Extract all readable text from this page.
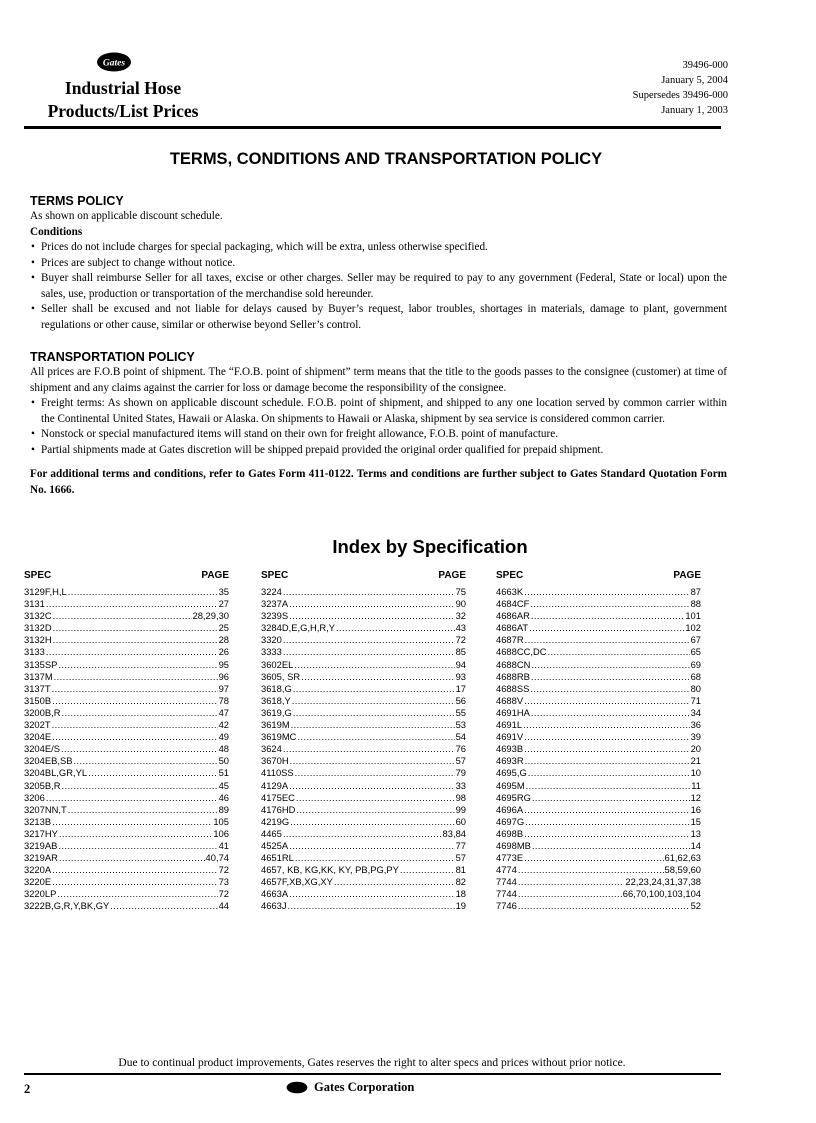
Gates
Industrial Hose
Products/List Prices
39496-000
January 5, 2004
Supersedes 39496-000
January 1, 2003
TERMS, CONDITIONS AND TRANSPORTATION POLICY
TERMS POLICY
As shown on applicable discount schedule.
Conditions
• Prices do not include charges for special packaging, which will be extra, unless otherwise specified.
• Prices are subject to change without notice.
• Buyer shall reimburse Seller for all taxes, excise or other charges. Seller may be required to pay to any government (Federal, State or local) upon the sales, use, production or transportation of the merchandise sold hereunder.
• Seller shall be excused and not liable for delays caused by Buyer’s request, labor troubles, shortages in materials, damage to plant, government regulations or other cause, similar or otherwise beyond Seller’s control.
TRANSPORTATION POLICY
All prices are F.O.B point of shipment. The “F.O.B. point of shipment” term means that the title to the goods passes to the consignee (customer) at time of shipment and any claims against the carrier for loss or damage become the responsibility of the consignee.
• Freight terms: As shown on applicable discount schedule. F.O.B. point of shipment, and shipped to any one location served by common carrier within the Continental United States, Hawaii or Alaska. On shipments to Hawaii or Alaska, shipment by sea service is considered common carrier.
• Nonstock or special manufactured items will stand on their own for freight allowance, F.O.B. point of manufacture.
• Partial shipments made at Gates discretion will be shipped prepaid provided the original order qualified for prepaid shipment.
For additional terms and conditions, refer to Gates Form 411-0122. Terms and conditions are further subject to Gates Standard Quotation Form No. 1666.
Index by Specification
SPEC	PAGE
3129F,H,L .....	35
3131 .....	27
3132C .....	28,29,30
3132D .....	25
3132H .....	28
3133 .....	26
3135SP .....	95
3137M .....	96
3137T .....	97
3150B .....	78
3200B,R .....	47
3202T .....	42
3204E .....	49
3204E/S .....	48
3204EB,SB .....	50
3204BL,GR,YL .....	51
3205B,R .....	45
3206 .....	46
3207NN,T .....	89
3213B .....	105
3217HY .....	106
3219AB .....	41
3219AR .....	40,74
3220A .....	72
3220E .....	73
3220LP .....	72
3222B,G,R,Y,BK,GY .....	44
SPEC	PAGE
3224 .....	75
3237A .....	90
3239S .....	32
3284D,E,G,H,R,Y .....	43
3320 .....	72
3333 .....	85
3602EL .....	94
3605, SR .....	93
3618,G .....	17
3618,Y .....	56
3619,G .....	55
3619M .....	53
3619MC .....	54
3624 .....	76
3670H .....	57
4110SS .....	79
4129A .....	33
4175EC .....	98
4176HD .....	99
4219G .....	60
4465 .....	83,84
4525A .....	77
4651RL .....	57
4657, KB, KG,KK, KY, PB,PG,PY .....	81
4657F,XB,XG,XY .....	82
4663A .....	18
4663J .....	19
SPEC	PAGE
4663K .....	87
4684CF .....	88
4686AR .....	101
4686AT .....	102
4687R .....	67
4688CC,DC .....	65
4688CN .....	69
4688RB .....	68
4688SS .....	80
4688V .....	71
4691HA .....	34
4691L .....	36
4691V .....	39
4693B .....	20
4693R .....	21
4695,G .....	10
4695M .....	11
4695RG .....	12
4696A .....	16
4697G .....	15
4698B .....	13
4698MB .....	14
4773E .....	61,62,63
4774 .....	58,59,60
7744 .....	22,23,24,31,37,38
7744 .....	66,70,100,103,104
7746 .....	52
Due to continual product improvements, Gates reserves the right to alter specs and prices without prior notice.
2	Gates Corporation
